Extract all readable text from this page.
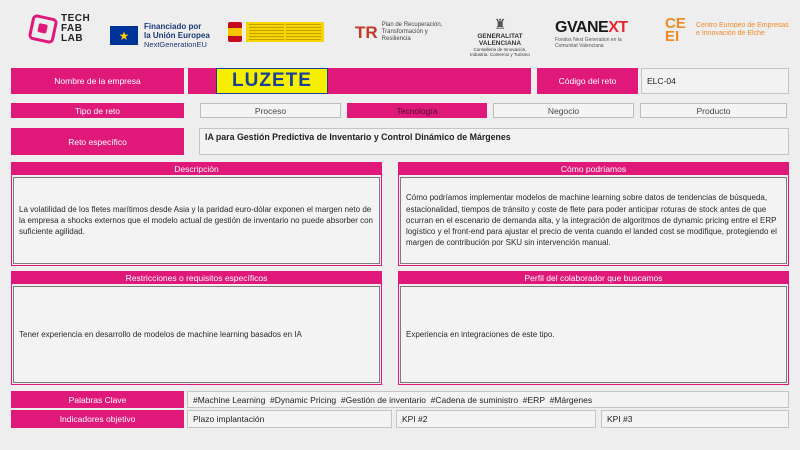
TECH
FAB
LAB	★
Financiado por
la Unión Europea
NextGenerationEU
TR Plan de Recuperación, Transformación y Resiliencia
♜
GENERALITAT VALENCIANA
Conselleria de Innovación, Industria, Comercio y Turismo
GVANEXT
Fondos Next Generation en la Comunitat Valenciana
CE EI
Centro Europeo de Empresas e Innovación de Elche
Nombre de la empresa	LUZETE	Código del reto	ELC-04
Tipo de reto	Proceso	Tecnología	Negocio	Producto
Reto específico	IA para Gestión Predictiva de Inventario y Control Dinámico de Márgenes
Descripción
La volatilidad de los fletes marítimos desde Asia y la paridad euro-dólar exponen el margen neto de la empresa a shocks externos que el modelo actual de gestión de inventario no puede absorber con suficiente agilidad.
Cómo podríamos
Cómo podríamos implementar modelos de machine learning sobre datos de tendencias de búsqueda, estacionalidad, tiempos de tránsito y coste de flete para poder anticipar roturas de stock antes de que ocurran en el escenario de demanda alta, y la integración de algoritmos de dynamic pricing entre el ERP logístico y el front-end para ajustar el precio de venta cuando el landed cost se modifique, protegiendo el margen de contribución por SKU sin intervención manual.
Restricciones o requisitos específicos
Tener experiencia en desarrollo de modelos de machine learning basados en IA
Perfil del colaborador que buscamos
Experiencia en integraciones de este tipo.
Palabras Clave	#Machine Learning  #Dynamic Pricing  #Gestión de inventario  #Cadena de suministro  #ERP  #Márgenes
Indicadores objetivo	Plazo implantación	KPI #2	KPI #3
